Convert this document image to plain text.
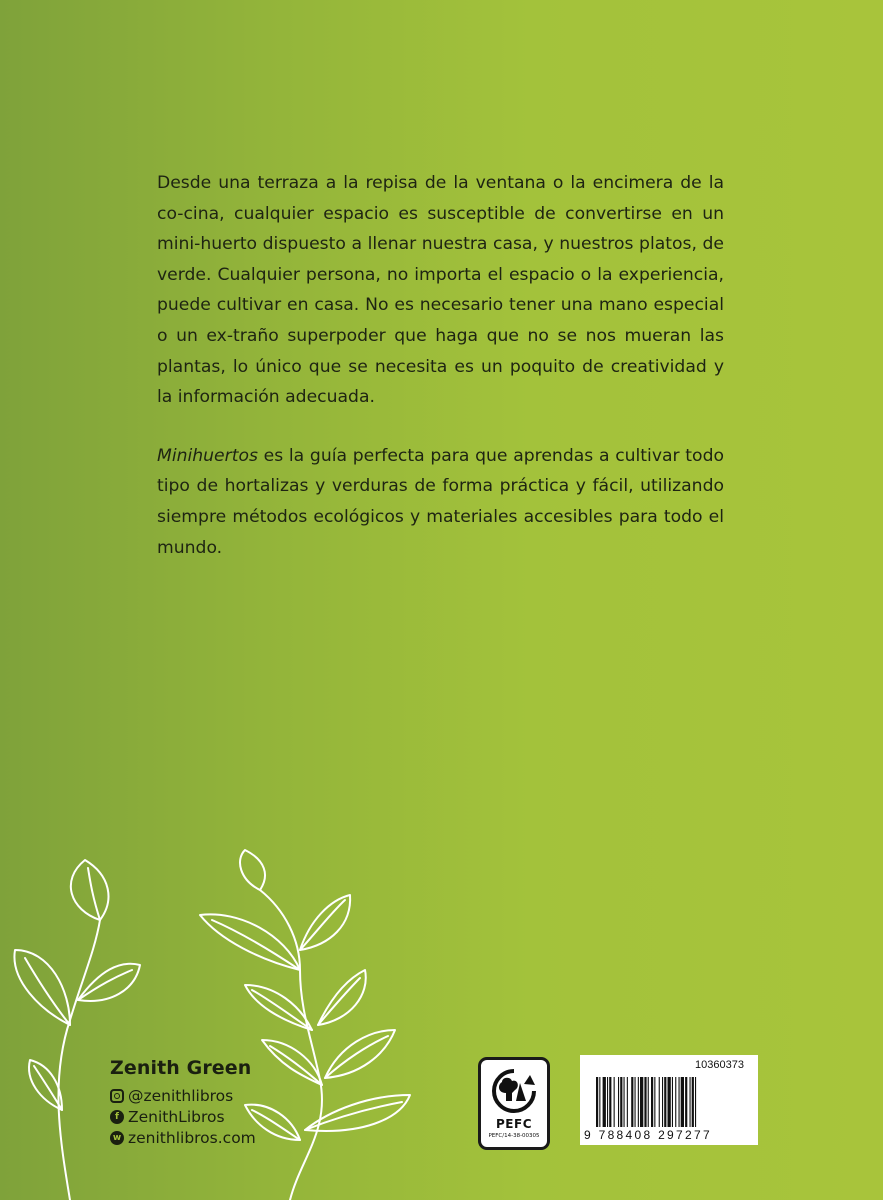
Desde una terraza a la repisa de la ventana o la encimera de la co-cina, cualquier espacio es susceptible de convertirse en un mini-huerto dispuesto a llenar nuestra casa, y nuestros platos, de verde. Cualquier persona, no importa el espacio o la experiencia, puede cultivar en casa. No es necesario tener una mano especial o un ex-traño superpoder que haga que no se nos mueran las plantas, lo único que se necesita es un poquito de creatividad y la información adecuada.

Minihuertos es la guía perfecta para que aprendas a cultivar todo tipo de hortalizas y verduras de forma práctica y fácil, utilizando siempre métodos ecológicos y materiales accesibles para todo el mundo.

Zenith Green
@zenithlibros
f ZenithLibros
w zenithlibros.com
PEFC
PEFC/14-38-00305
10360373
9 788408 297277
